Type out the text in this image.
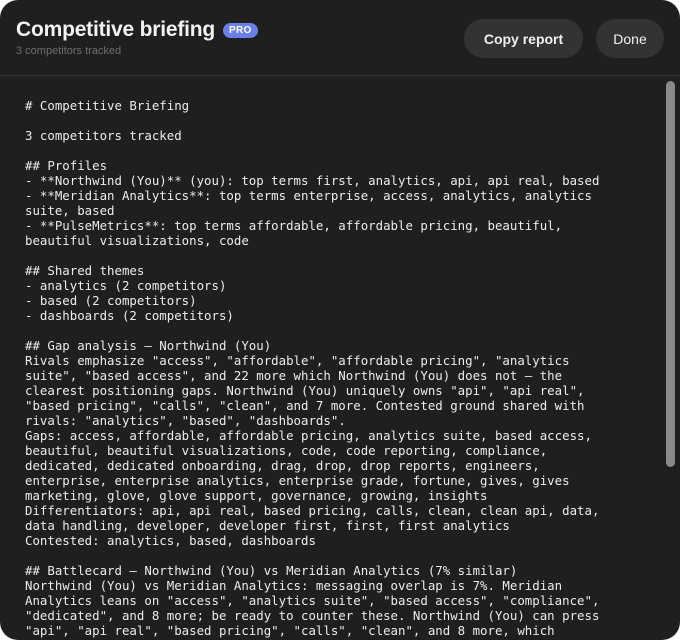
Competitive briefing	PRO
3 competitors tracked
Copy report	Done
# Competitive Briefing

3 competitors tracked

## Profiles
- **Northwind (You)** (you): top terms first, analytics, api, api real, based
- **Meridian Analytics**: top terms enterprise, access, analytics, analytics
suite, based
- **PulseMetrics**: top terms affordable, affordable pricing, beautiful,
beautiful visualizations, code

## Shared themes
- analytics (2 competitors)
- based (2 competitors)
- dashboards (2 competitors)

## Gap analysis — Northwind (You)
Rivals emphasize "access", "affordable", "affordable pricing", "analytics
suite", "based access", and 22 more which Northwind (You) does not — the
clearest positioning gaps. Northwind (You) uniquely owns "api", "api real",
"based pricing", "calls", "clean", and 7 more. Contested ground shared with
rivals: "analytics", "based", "dashboards".
Gaps: access, affordable, affordable pricing, analytics suite, based access,
beautiful, beautiful visualizations, code, code reporting, compliance,
dedicated, dedicated onboarding, drag, drop, drop reports, engineers,
enterprise, enterprise analytics, enterprise grade, fortune, gives, gives
marketing, glove, glove support, governance, growing, insights
Differentiators: api, api real, based pricing, calls, clean, clean api, data,
data handling, developer, developer first, first, first analytics
Contested: analytics, based, dashboards

## Battlecard — Northwind (You) vs Meridian Analytics (7% similar)
Northwind (You) vs Meridian Analytics: messaging overlap is 7%. Meridian
Analytics leans on "access", "analytics suite", "based access", "compliance",
"dedicated", and 8 more; be ready to counter these. Northwind (You) can press
"api", "api real", "based pricing", "calls", "clean", and 8 more, which
